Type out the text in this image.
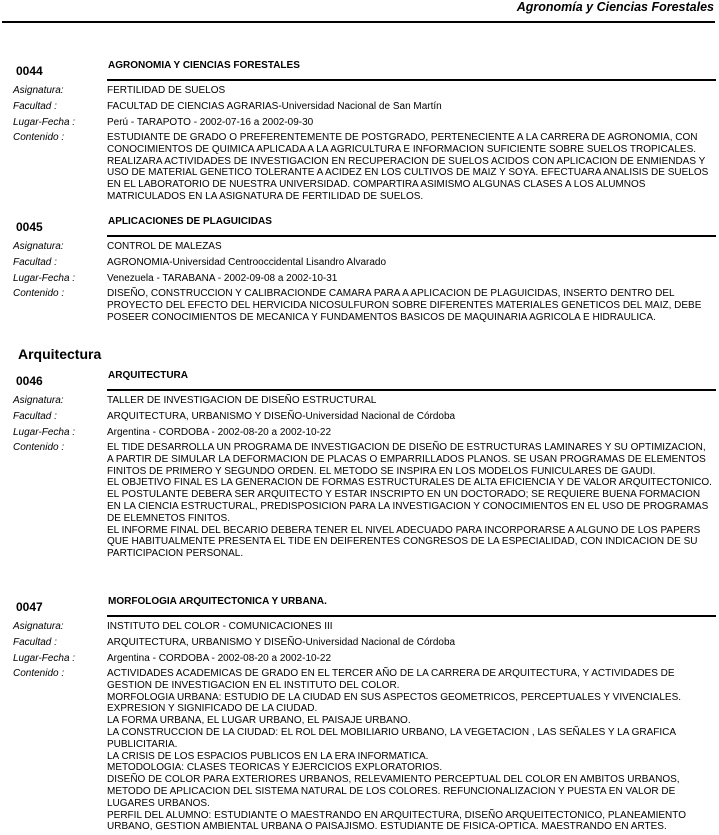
Agronomía y Ciencias Forestales
0044	AGRONOMIA Y CIENCIAS FORESTALES
Asignatura:	FERTILIDAD DE SUELOS
Facultad :	FACULTAD DE CIENCIAS AGRARIAS-Universidad Nacional de San Martín
Lugar-Fecha :	Perú - TARAPOTO - 2002-07-16 a 2002-09-30
Contenido :	ESTUDIANTE DE GRADO O PREFERENTEMENTE DE POSTGRADO, PERTENECIENTE A LA CARRERA DE AGRONOMIA, CON CONOCIMIENTOS DE QUIMICA APLICADA A LA AGRICULTURA E INFORMACION SUFICIENTE SOBRE SUELOS TROPICALES. REALIZARA ACTIVIDADES DE INVESTIGACION EN RECUPERACION DE SUELOS ACIDOS CON APLICACION DE ENMIENDAS Y USO DE MATERIAL GENETICO TOLERANTE A ACIDEZ EN LOS CULTIVOS DE MAIZ Y SOYA. EFECTUARA ANALISIS DE SUELOS EN EL LABORATORIO DE NUESTRA UNIVERSIDAD. COMPARTIRA ASIMISMO ALGUNAS CLASES A LOS ALUMNOS MATRICULADOS EN LA ASIGNATURA DE FERTILIDAD DE SUELOS.

0045	APLICACIONES DE PLAGUICIDAS
Asignatura:	CONTROL DE MALEZAS
Facultad :	AGRONOMIA-Universidad Centrooccidental Lisandro Alvarado
Lugar-Fecha :	Venezuela - TARABANA - 2002-09-08 a 2002-10-31
Contenido :	DISEÑO, CONSTRUCCION Y CALIBRACIONDE CAMARA PARA A APLICACION DE PLAGUICIDAS, INSERTO DENTRO DEL PROYECTO DEL EFECTO DEL HERVICIDA NICOSULFURON SOBRE DIFERENTES MATERIALES GENETICOS DEL MAIZ, DEBE POSEER CONOCIMIENTOS DE MECANICA Y FUNDAMENTOS BASICOS DE MAQUINARIA AGRICOLA E HIDRAULICA.

Arquitectura
0046	ARQUITECTURA
Asignatura:	TALLER DE INVESTIGACION DE DISEÑO ESTRUCTURAL
Facultad :	ARQUITECTURA, URBANISMO Y DISEÑO-Universidad Nacional de Córdoba
Lugar-Fecha :	Argentina - CORDOBA - 2002-08-20 a 2002-10-22
Contenido :	EL TIDE DESARROLLA UN PROGRAMA DE INVESTIGACION DE DISEÑO DE ESTRUCTURAS LAMINARES Y SU OPTIMIZACION, A PARTIR DE SIMULAR LA DEFORMACION DE PLACAS O EMPARRILLADOS PLANOS. SE USAN PROGRAMAS DE ELEMENTOS FINITOS DE PRIMERO Y SEGUNDO ORDEN. EL METODO SE INSPIRA EN LOS MODELOS FUNICULARES DE GAUDI.

EL OBJETIVO FINAL ES LA GENERACION DE FORMAS ESTRUCTURALES DE ALTA EFICIENCIA Y DE VALOR ARQUITECTONICO.

EL POSTULANTE DEBERA SER ARQUITECTO Y ESTAR INSCRIPTO EN UN DOCTORADO; SE REQUIERE BUENA FORMACION EN LA CIENCIA ESTRUCTURAL, PREDISPOSICION PARA LA INVESTIGACION Y CONOCIMIENTOS EN EL USO DE PROGRAMAS DE ELEMNETOS FINITOS.

EL INFORME FINAL DEL BECARIO DEBERA TENER EL NIVEL ADECUADO PARA INCORPORARSE A ALGUNO DE LOS PAPERS QUE HABITUALMENTE PRESENTA EL TIDE EN DEIFERENTES CONGRESOS DE LA ESPECIALIDAD, CON INDICACION DE SU PARTICIPACION PERSONAL.

0047	MORFOLOGIA ARQUITECTONICA Y URBANA.
Asignatura:	INSTITUTO DEL COLOR - COMUNICACIONES III
Facultad :	ARQUITECTURA, URBANISMO Y DISEÑO-Universidad Nacional de Córdoba
Lugar-Fecha :	Argentina - CORDOBA - 2002-08-20 a 2002-10-22
Contenido :	ACTIVIDADES ACADEMICAS DE GRADO EN EL TERCER AÑO DE LA CARRERA DE ARQUITECTURA, Y ACTIVIDADES DE GESTION DE INVESTIGACION EN EL INSTITUTO DEL COLOR.

MORFOLOGIA URBANA: ESTUDIO DE LA CIUDAD EN SUS ASPECTOS GEOMETRICOS, PERCEPTUALES Y VIVENCIALES. EXPRESION Y SIGNIFICADO DE LA CIUDAD.

LA FORMA URBANA, EL LUGAR URBANO, EL PAISAJE URBANO.

LA CONSTRUCCION DE LA CIUDAD: EL ROL DEL MOBILIARIO URBANO, LA VEGETACION , LAS SEÑALES Y LA GRAFICA PUBLICITARIA.

LA CRISIS DE LOS ESPACIOS PUBLICOS EN LA ERA INFORMATICA.

METODOLOGIA: CLASES TEORICAS Y EJERCICIOS EXPLORATORIOS.

DISEÑO DE COLOR PARA EXTERIORES URBANOS, RELEVAMIENTO PERCEPTUAL DEL COLOR EN AMBITOS URBANOS, METODO DE APLICACION DEL SISTEMA NATURAL DE LOS COLORES. REFUNCIONALIZACION Y PUESTA EN VALOR DE LUGARES URBANOS.

PERFIL DEL ALUMNO: ESTUDIANTE O MAESTRANDO EN ARQUITECTURA, DISEÑO ARQUEITECTONICO, PLANEAMIENTO URBANO, GESTION AMBIENTAL URBANA O PAISAJISMO. ESTUDIANTE DE FISICA-OPTICA. MAESTRANDO EN ARTES.
